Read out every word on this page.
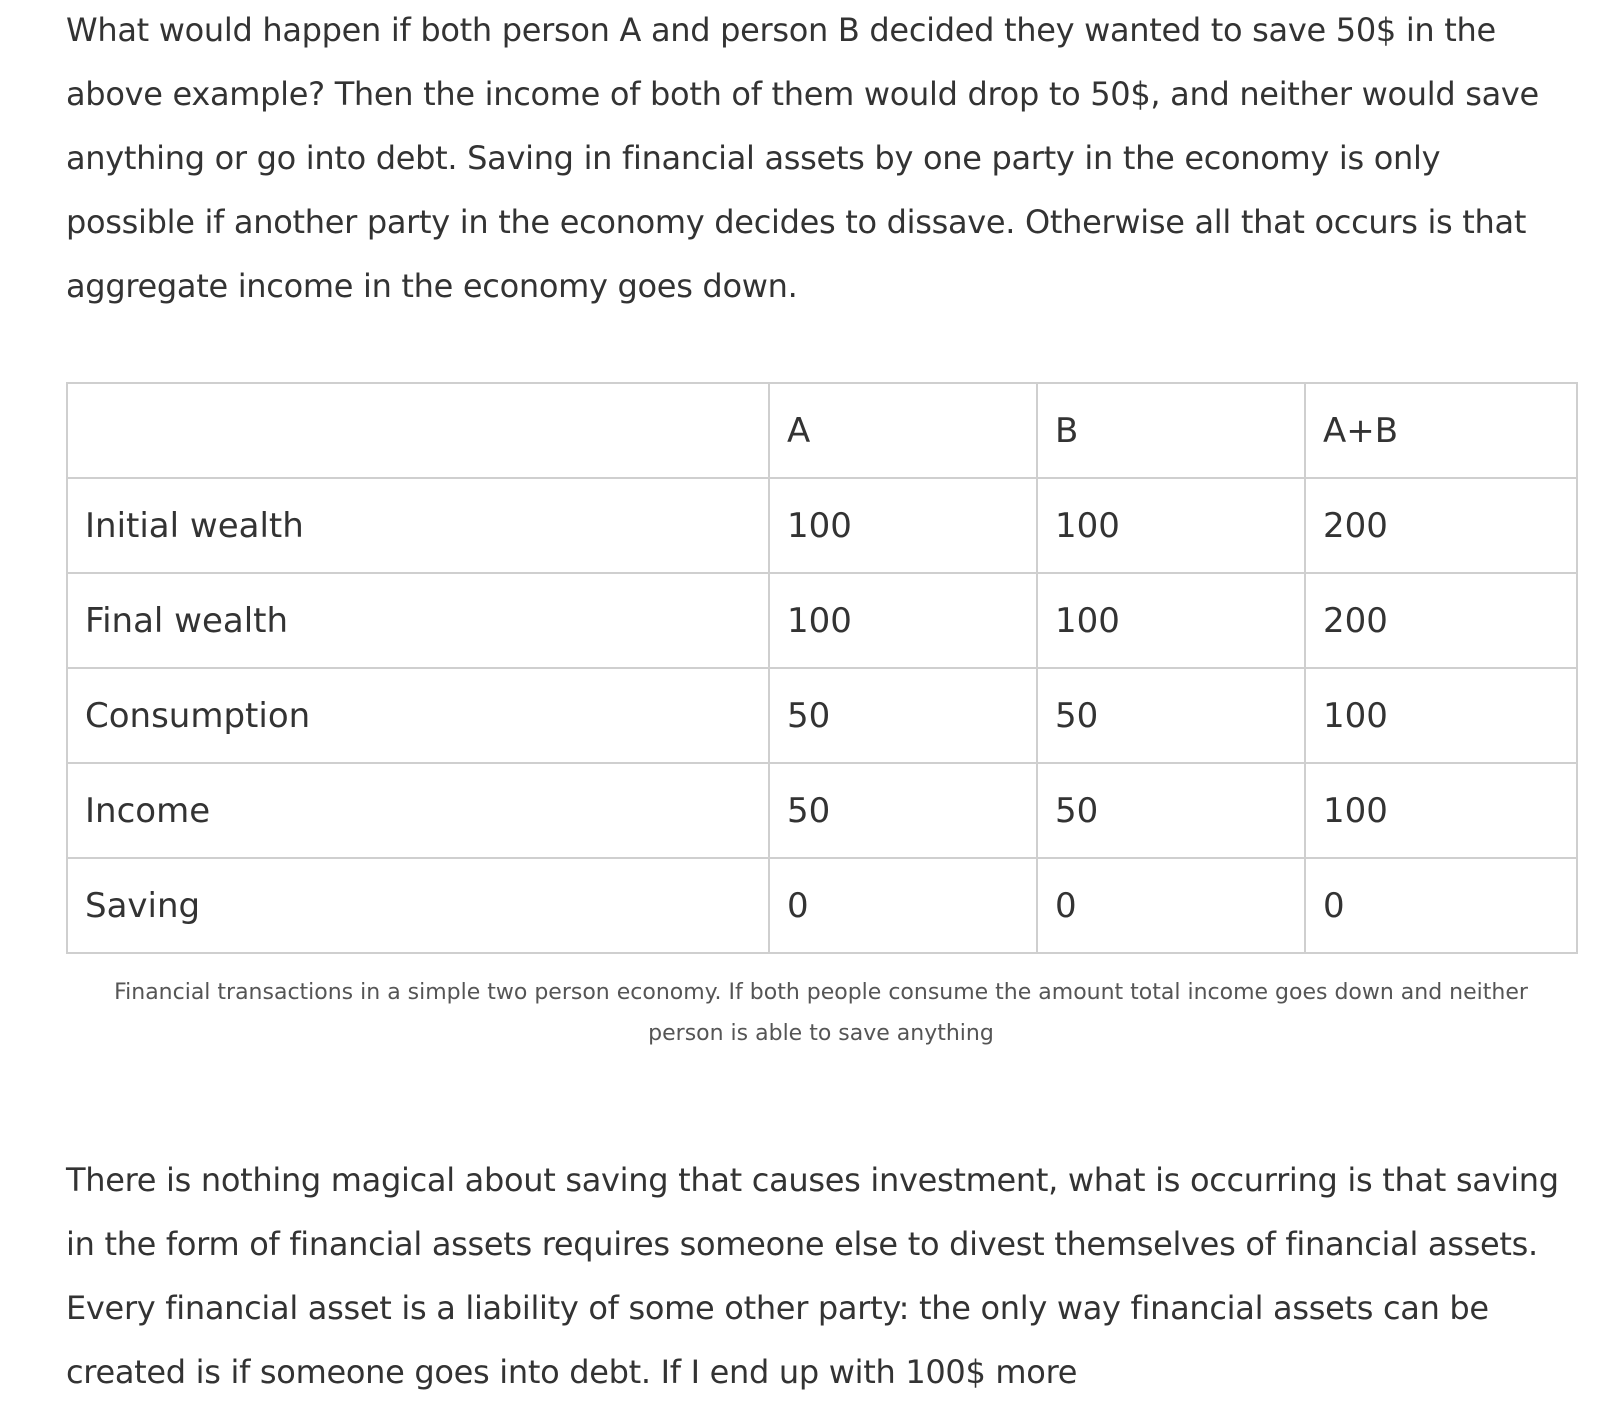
What would happen if both person A and person B decided they wanted to save 50$ in the above example? Then the income of both of them would drop to 50$, and neither would save anything or go into debt. Saving in financial assets by one party in the economy is only possible if another party in the economy decides to dissave. Otherwise all that occurs is that aggregate income in the economy goes down.

	A	B	A+B
Initial wealth	100	100	200
Final wealth	100	100	200
Consumption	50	50	100
Income	50	50	100
Saving	0	0	0
Financial transactions in a simple two person economy. If both people consume the amount total income goes down and neither person is able to save anything

There is nothing magical about saving that causes investment, what is occurring is that saving in the form of financial assets requires someone else to divest themselves of financial assets. Every financial asset is a liability of some other party: the only way financial assets can be created is if someone goes into debt. If I end up with 100$ more
